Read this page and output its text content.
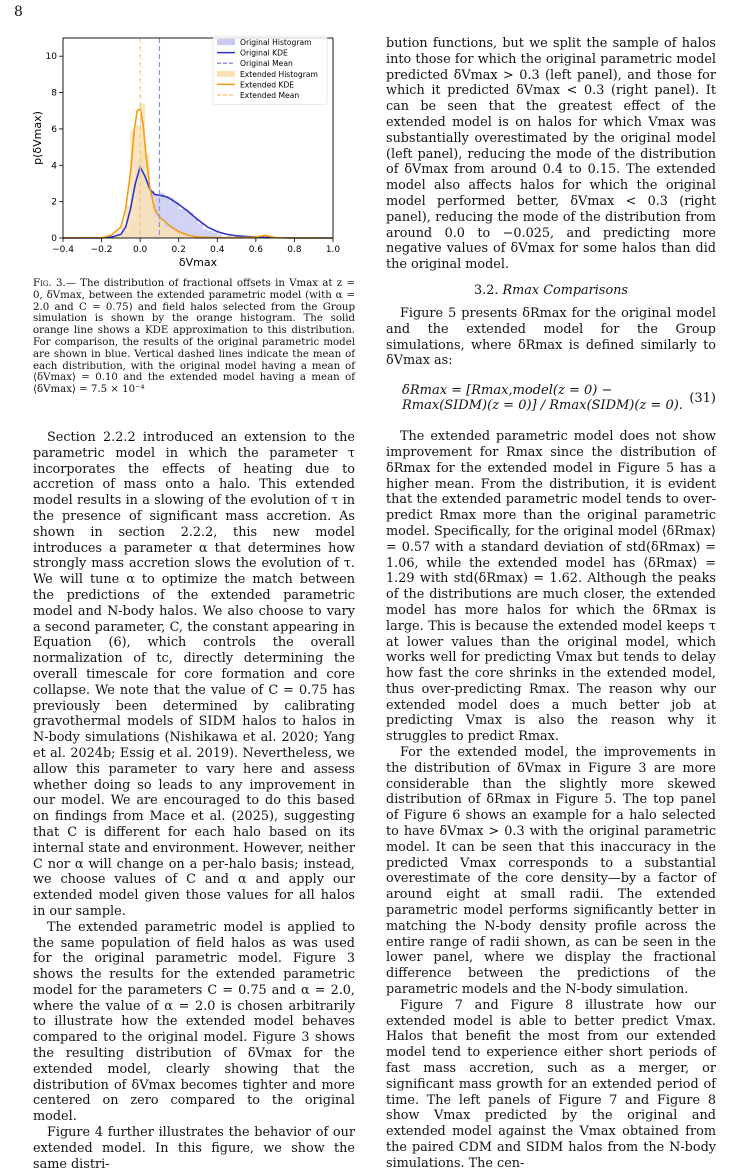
8
−0.4 −0.2 0.0	0.2	0.4	0.6	0.8	1.0
0
2
4
6
8
10
δVmax
p(δVmax)
Original Histogram
Original KDE
Original Mean
Extended Histogram
Extended KDE
Extended Mean
Fig. 3.— The distribution of fractional offsets in Vmax at z = 0, δVmax, between the extended parametric model (with α = 2.0 and C = 0.75) and field halos selected from the Group simulation is shown by the orange histogram. The solid orange line shows a KDE approximation to this distribution. For comparison, the results of the original parametric model are shown in blue. Vertical dashed lines indicate the mean of each distribution, with the original model having a mean of ⟨δVmax⟩ = 0.10 and the extended model having a mean of ⟨δVmax⟩ = 7.5 × 10⁻⁴

Section 2.2.2 introduced an extension to the parametric model in which the parameter τ incorporates the effects of heating due to accretion of mass onto a halo. This extended model results in a slowing of the evolution of τ in the presence of significant mass accretion. As shown in section 2.2.2, this new model introduces a parameter α that determines how strongly mass accretion slows the evolution of τ. We will tune α to optimize the match between the predictions of the extended parametric model and N-body halos. We also choose to vary a second parameter, C, the constant appearing in Equation (6), which controls the overall normalization of tc, directly determining the overall timescale for core formation and core collapse. We note that the value of C = 0.75 has previously been determined by calibrating gravothermal models of SIDM halos to halos in N-body simulations (Nishikawa et al. 2020; Yang et al. 2024b; Essig et al. 2019). Nevertheless, we allow this parameter to vary here and assess whether doing so leads to any improvement in our model. We are encouraged to do this based on findings from Mace et al. (2025), suggesting that C is different for each halo based on its internal state and environment. However, neither C nor α will change on a per-halo basis; instead, we choose values of C and α and apply our extended model given those values for all halos in our sample.

The extended parametric model is applied to the same population of field halos as was used for the original parametric model. Figure 3 shows the results for the extended parametric model for the parameters C = 0.75 and α = 2.0, where the value of α = 2.0 is chosen arbitrarily to illustrate how the extended model behaves compared to the original model. Figure 3 shows the resulting distribution of δVmax for the extended model, clearly showing that the distribution of δVmax becomes tighter and more centered on zero compared to the original model.

Figure 4 further illustrates the behavior of our extended model. In this figure, we show the same distri-

bution functions, but we split the sample of halos into those for which the original parametric model predicted δVmax > 0.3 (left panel), and those for which it predicted δVmax < 0.3 (right panel). It can be seen that the greatest effect of the extended model is on halos for which Vmax was substantially overestimated by the original model (left panel), reducing the mode of the distribution of δVmax from around 0.4 to 0.15. The extended model also affects halos for which the original model performed better, δVmax < 0.3 (right panel), reducing the mode of the distribution from around 0.0 to −0.025, and predicting more negative values of δVmax for some halos than did the original model.

3.2. Rmax Comparisons

Figure 5 presents δRmax for the original model and the extended model for the Group simulations, where δRmax is defined similarly to δVmax as:

δRmax = [Rmax,model(z = 0) − Rmax(SIDM)(z = 0)] / Rmax(SIDM)(z = 0). (31)

The extended parametric model does not show improvement for Rmax since the distribution of δRmax for the extended model in Figure 5 has a higher mean. From the distribution, it is evident that the extended parametric model tends to over-predict Rmax more than the original parametric model. Specifically, for the original model ⟨δRmax⟩ = 0.57 with a standard deviation of std(δRmax) = 1.06, while the extended model has ⟨δRmax⟩ = 1.29 with std(δRmax) = 1.62. Although the peaks of the distributions are much closer, the extended model has more halos for which the δRmax is large. This is because the extended model keeps τ at lower values than the original model, which works well for predicting Vmax but tends to delay how fast the core shrinks in the extended model, thus over-predicting Rmax. The reason why our extended model does a much better job at predicting Vmax is also the reason why it struggles to predict Rmax.

For the extended model, the improvements in the distribution of δVmax in Figure 3 are more considerable than the slightly more skewed distribution of δRmax in Figure 5. The top panel of Figure 6 shows an example for a halo selected to have δVmax > 0.3 with the original parametric model. It can be seen that this inaccuracy in the predicted Vmax corresponds to a substantial overestimate of the core density—by a factor of around eight at small radii. The extended parametric model performs significantly better in matching the N-body density profile across the entire range of radii shown, as can be seen in the lower panel, where we display the fractional difference between the predictions of the parametric models and the N-body simulation.

Figure 7 and Figure 8 illustrate how our extended model is able to better predict Vmax. Halos that benefit the most from our extended model tend to experience either short periods of fast mass accretion, such as a merger, or significant mass growth for an extended period of time. The left panels of Figure 7 and Figure 8 show Vmax predicted by the original and extended model against the Vmax obtained from the paired CDM and SIDM halos from the N-body simulations. The cen-
